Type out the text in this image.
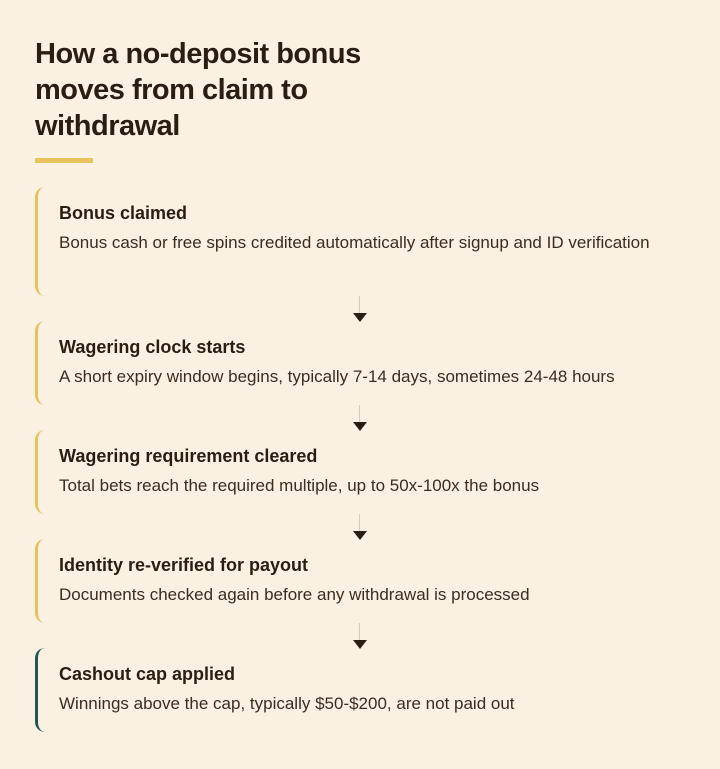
How a no-deposit bonus moves from claim to withdrawal
Bonus claimed
Bonus cash or free spins credited automatically after signup and ID verification
Wagering clock starts
A short expiry window begins, typically 7-14 days, sometimes 24-48 hours
Wagering requirement cleared
Total bets reach the required multiple, up to 50x-100x the bonus
Identity re-verified for payout
Documents checked again before any withdrawal is processed
Cashout cap applied
Winnings above the cap, typically $50-$200, are not paid out
